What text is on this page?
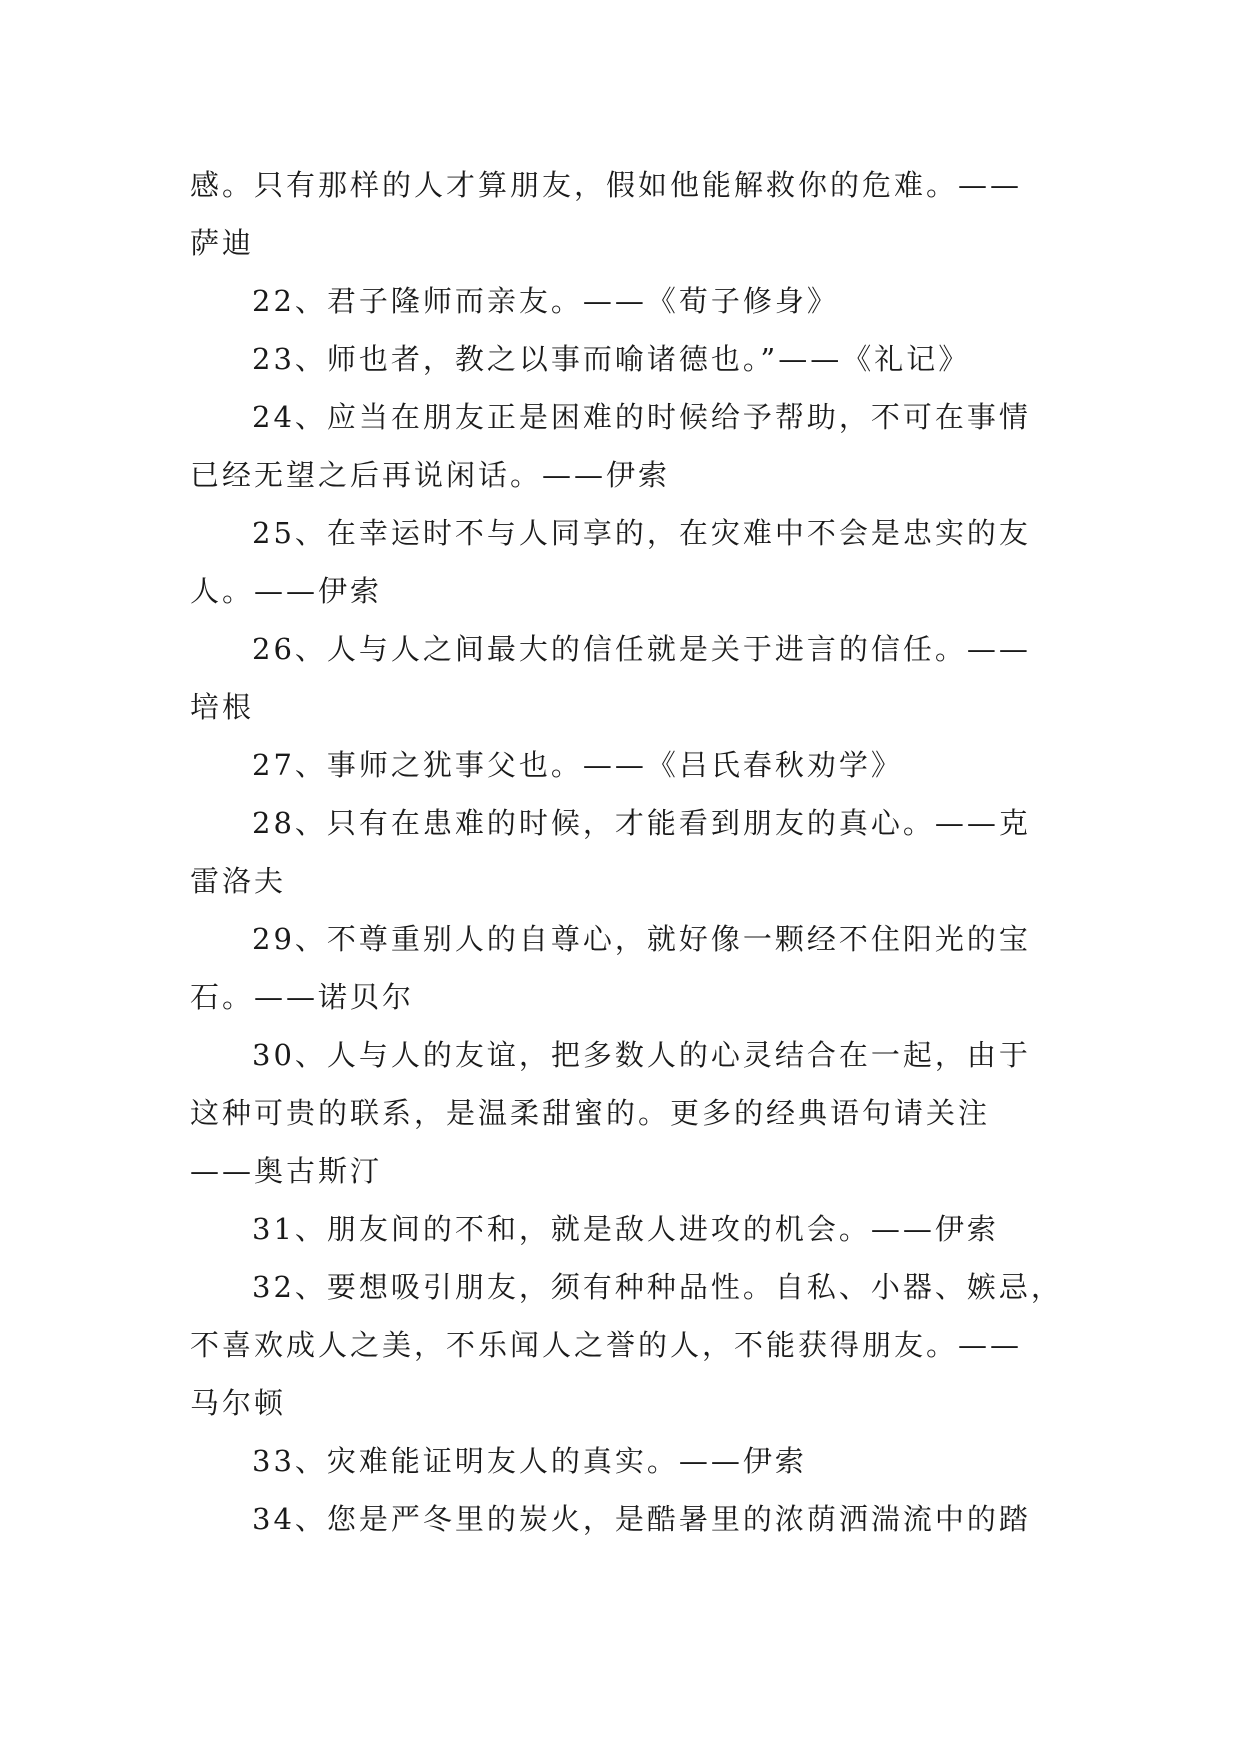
感。只有那样的人才算朋友，假如他能解救你的危难。——
萨迪
22、君子隆师而亲友。——《荀子修身》
23、师也者，教之以事而喻诸德也。”——《礼记》
24、应当在朋友正是困难的时候给予帮助，不可在事情
已经无望之后再说闲话。——伊索
25、在幸运时不与人同享的，在灾难中不会是忠实的友
人。——伊索
26、人与人之间最大的信任就是关于进言的信任。——
培根
27、事师之犹事父也。——《吕氏春秋劝学》
28、只有在患难的时候，才能看到朋友的真心。——克
雷洛夫
29、不尊重别人的自尊心，就好像一颗经不住阳光的宝
石。——诺贝尔
30、人与人的友谊，把多数人的心灵结合在一起，由于
这种可贵的联系，是温柔甜蜜的。更多的经典语句请关注
——奥古斯汀
31、朋友间的不和，就是敌人进攻的机会。——伊索
32、要想吸引朋友，须有种种品性。自私、小器、嫉忌，
不喜欢成人之美，不乐闻人之誉的人，不能获得朋友。——
马尔顿
33、灾难能证明友人的真实。——伊索
34、您是严冬里的炭火，是酷暑里的浓荫洒湍流中的踏
